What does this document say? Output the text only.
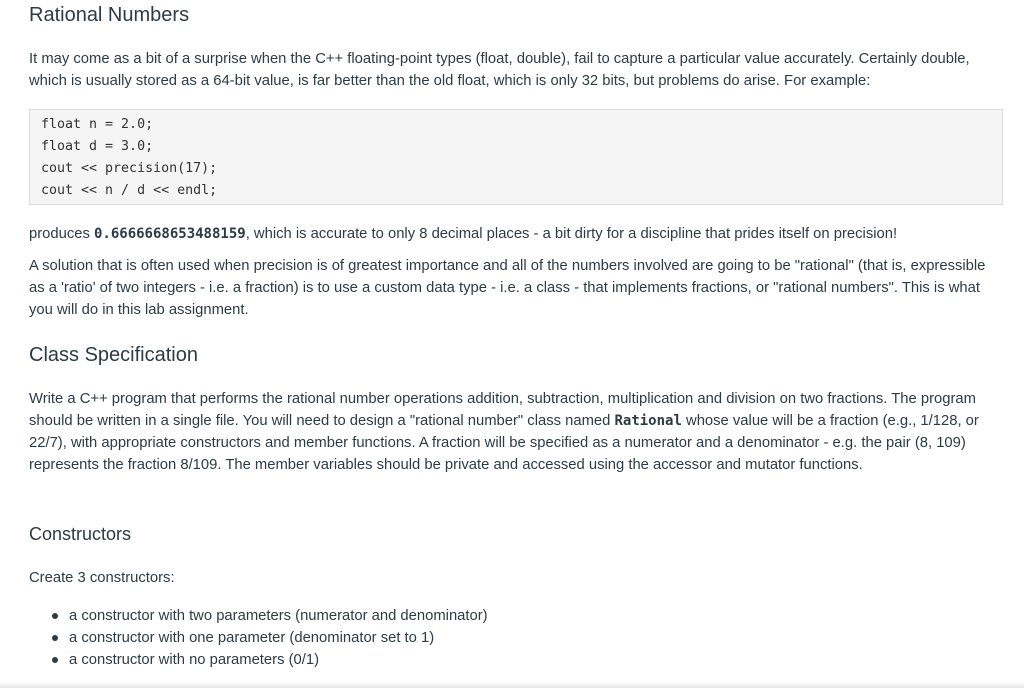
Rational Numbers

It may come as a bit of a surprise when the C++ floating-point types (float, double), fail to capture a particular value accurately. Certainly double, which is usually stored as a 64-bit value, is far better than the old float, which is only 32 bits, but problems do arise. For example:

float n = 2.0;
float d = 3.0;
cout << precision(17);
cout << n / d << endl;

produces 0.6666668653488159, which is accurate to only 8 decimal places - a bit dirty for a discipline that prides itself on precision!

A solution that is often used when precision is of greatest importance and all of the numbers involved are going to be "rational" (that is, expressible as a 'ratio' of two integers - i.e. a fraction) is to use a custom data type - i.e. a class - that implements fractions, or "rational numbers". This is what you will do in this lab assignment.

Class Specification

Write a C++ program that performs the rational number operations addition, subtraction, multiplication and division on two fractions. The program should be written in a single file. You will need to design a "rational number" class named Rational whose value will be a fraction (e.g., 1/128, or 22/7), with appropriate constructors and member functions. A fraction will be specified as a numerator and a denominator - e.g. the pair (8, 109) represents the fraction 8/109. The member variables should be private and accessed using the accessor and mutator functions.

Constructors

Create 3 constructors:

a constructor with two parameters (numerator and denominator)
a constructor with one parameter (denominator set to 1)
a constructor with no parameters (0/1)
